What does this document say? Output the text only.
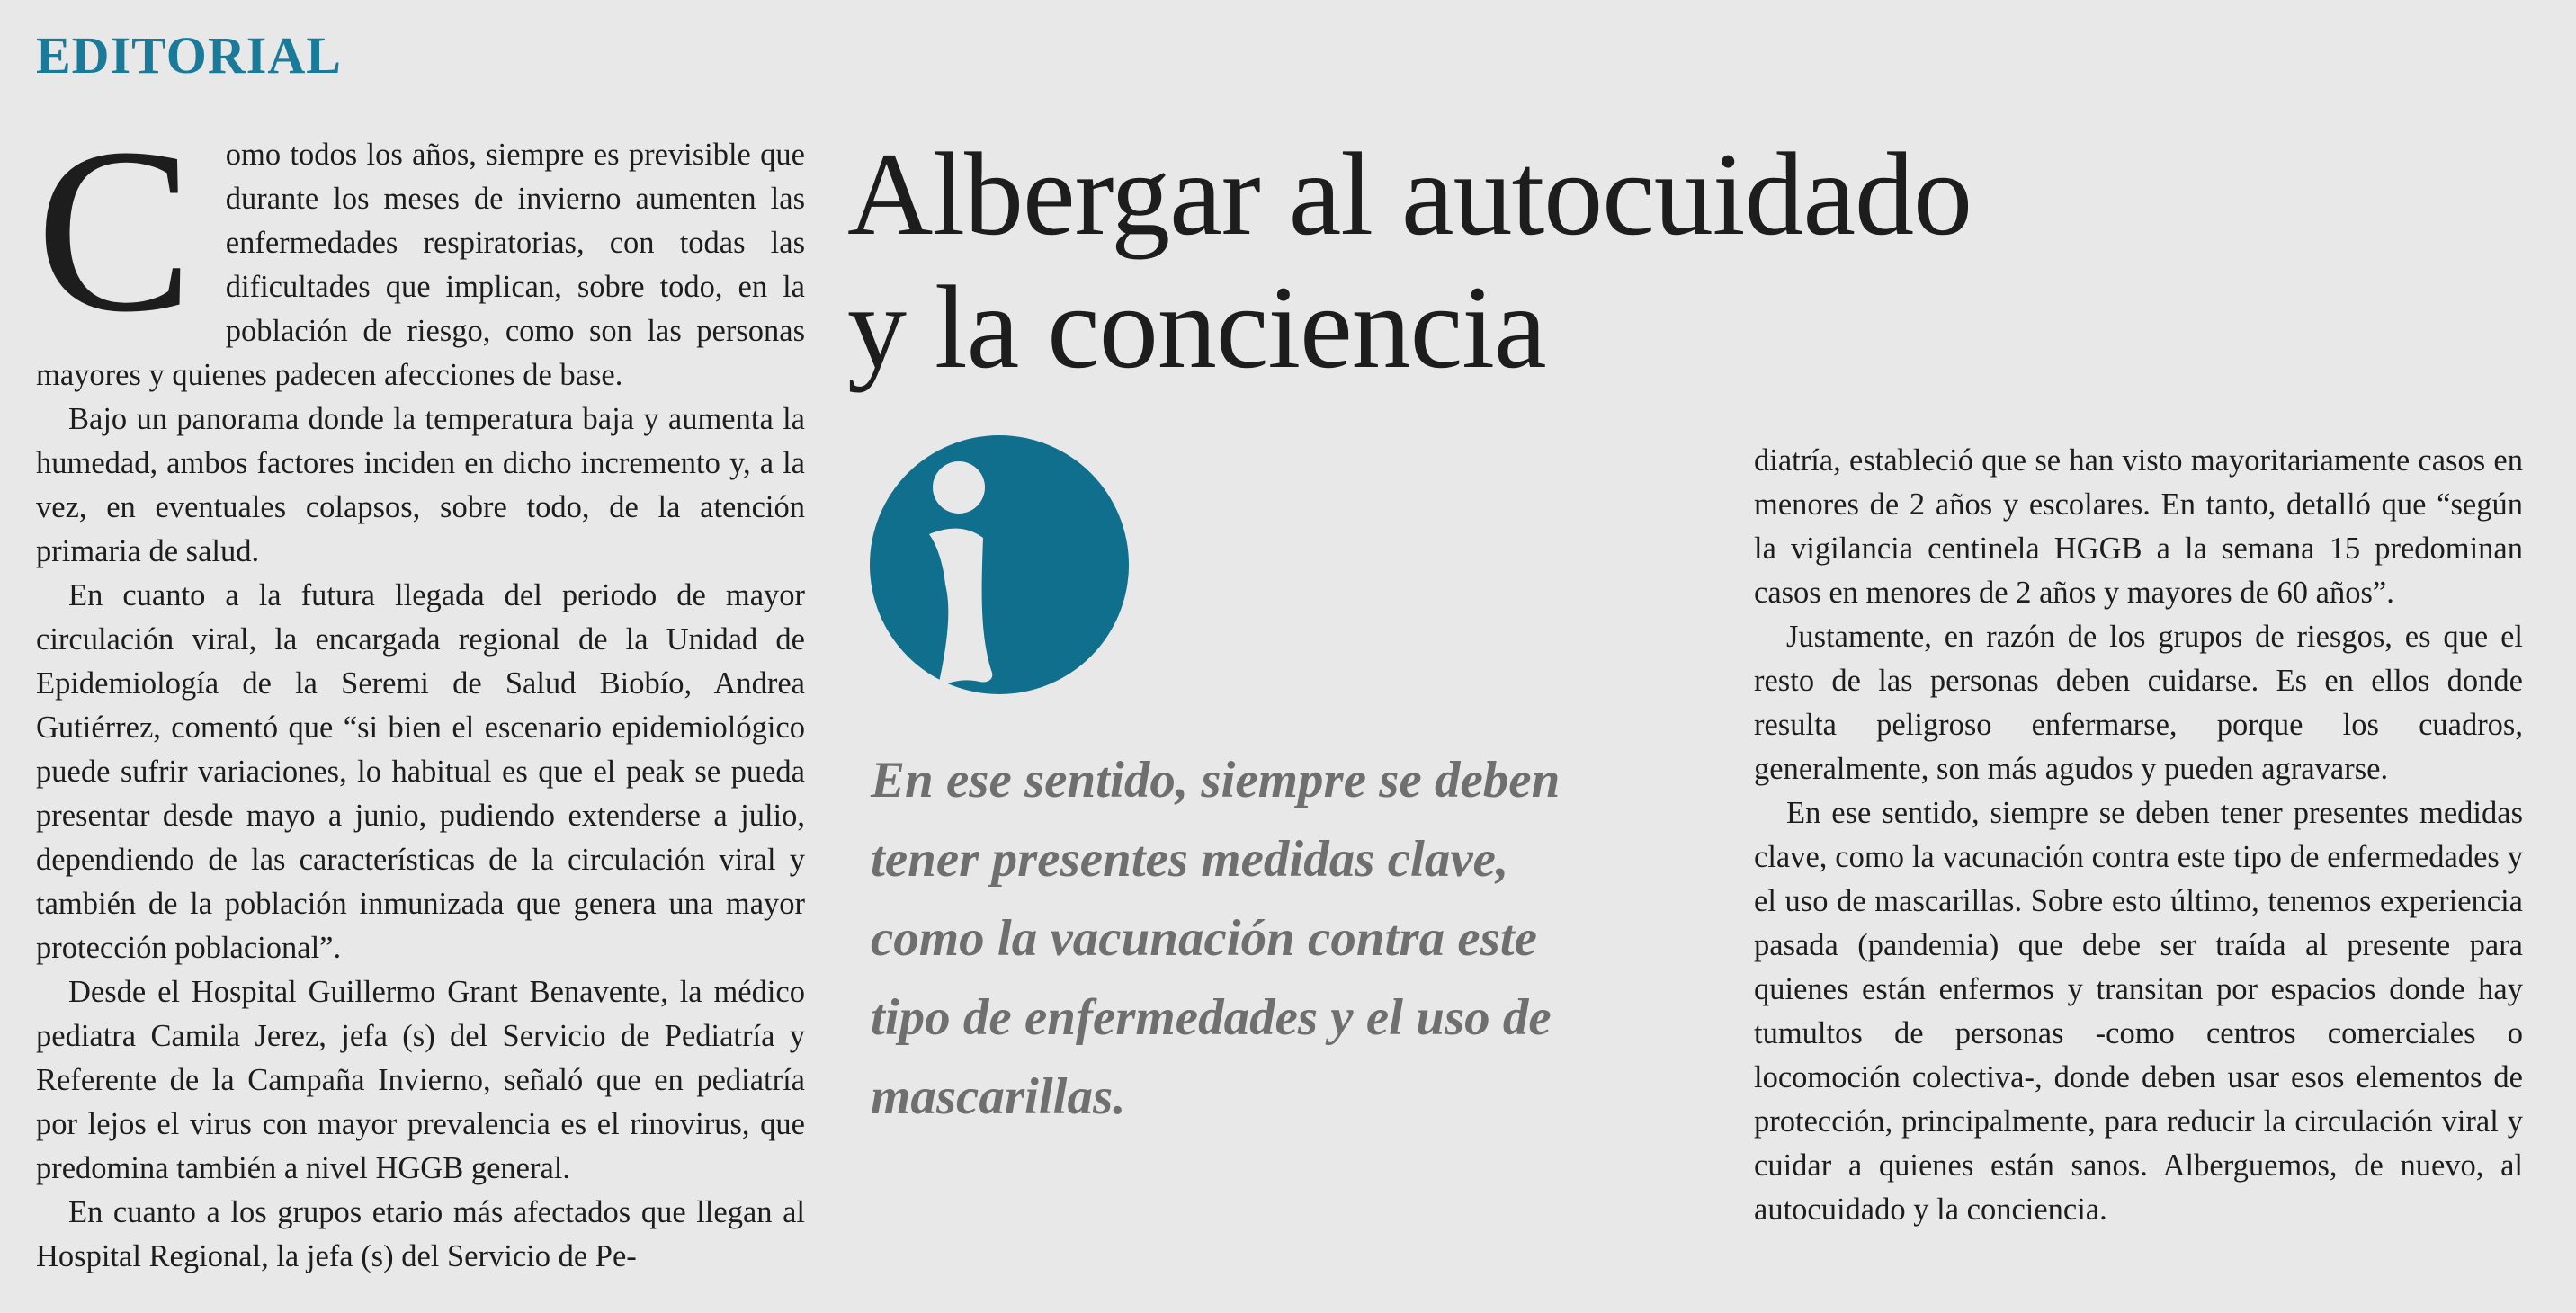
EDITORIAL
Albergar al autocuidado
y la conciencia
C	omo todos los años, siempre es previsible que durante los meses de invierno aumenten las enfermedades respiratorias, con todas las dificultades que implican, sobre todo, en la población de riesgo, como son las personas mayores y quienes padecen afecciones de base.

Bajo un panorama donde la temperatura baja y aumenta la humedad, ambos factores inciden en dicho incremento y, a la vez, en eventuales colapsos, sobre todo, de la atención primaria de salud.

En cuanto a la futura llegada del periodo de mayor circulación viral, la encargada regional de la Unidad de Epidemiología de la Seremi de Salud Biobío, Andrea Gutiérrez, comentó que “si bien el escenario epidemiológico puede sufrir variaciones, lo habitual es que el peak se pueda presentar desde mayo a junio, pudiendo extenderse a julio, dependiendo de las características de la circulación viral y también de la población inmunizada que genera una mayor protección poblacional”.

Desde el Hospital Guillermo Grant Benavente, la médico pediatra Camila Jerez, jefa (s) del Servicio de Pediatría y Referente de la Campaña Invierno, señaló que en pediatría por lejos el virus con mayor prevalencia es el rinovirus, que predomina también a nivel HGGB general.

En cuanto a los grupos etario más afectados que llegan al Hospital Regional, la jefa (s) del Servicio de Pe-

En ese sentido, siempre se deben tener presentes medidas clave, como la vacunación contra este tipo de enfermedades y el uso de mascarillas.

diatría, estableció que se han visto mayoritariamente casos en menores de 2 años y escolares. En tanto, detalló que “según la vigilancia centinela HGGB a la semana 15 predominan casos en menores de 2 años y mayores de 60 años”.

Justamente, en razón de los grupos de riesgos, es que el resto de las personas deben cuidarse. Es en ellos donde resulta peligroso enfermarse, porque los cuadros, generalmente, son más agudos y pueden agravarse.

En ese sentido, siempre se deben tener presentes medidas clave, como la vacunación contra este tipo de enfermedades y el uso de mascarillas. Sobre esto último, tenemos experiencia pasada (pandemia) que debe ser traída al presente para quienes están enfermos y transitan por espacios donde hay tumultos de personas -como centros comerciales o locomoción colectiva-, donde deben usar esos elementos de protección, principalmente, para reducir la circulación viral y cuidar a quienes están sanos. Alberguemos, de nuevo, al autocuidado y la conciencia.
